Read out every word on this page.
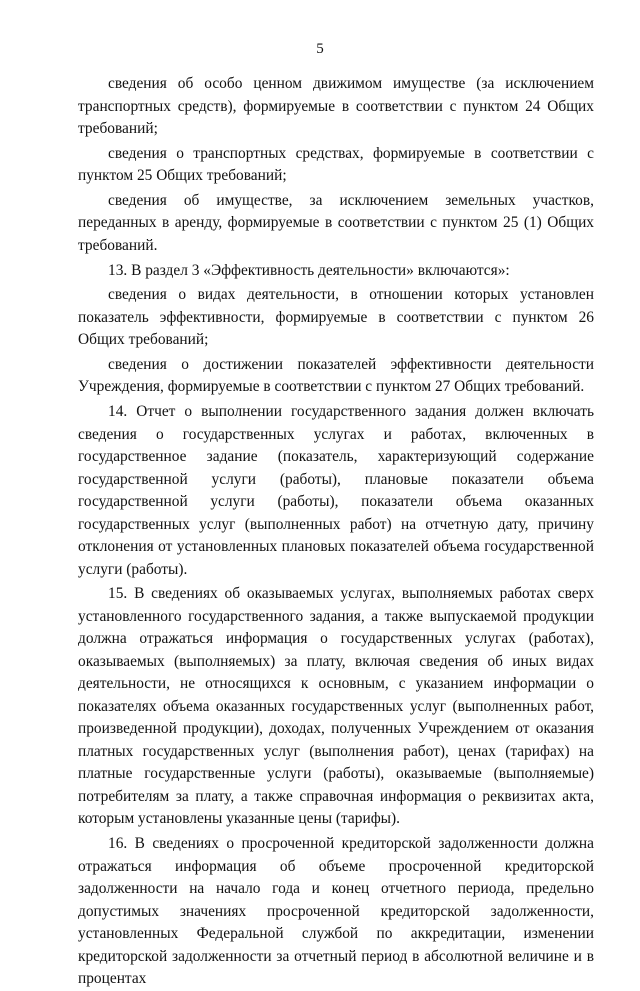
5

сведения об особо ценном движимом имуществе (за исключением транспортных средств), формируемые в соответствии с пунктом 24 Общих требований;

сведения о транспортных средствах, формируемые в соответствии с пунктом 25 Общих требований;

сведения об имуществе, за исключением земельных участков, переданных в аренду, формируемые в соответствии с пунктом 25 (1) Общих требований.

13. В раздел 3 «Эффективность деятельности» включаются»:

сведения о видах деятельности, в отношении которых установлен показатель эффективности, формируемые в соответствии с пунктом 26 Общих требований;

сведения о достижении показателей эффективности деятельности Учреждения, формируемые в соответствии с пунктом 27 Общих требований.

14. Отчет о выполнении государственного задания должен включать сведения о государственных услугах и работах, включенных в государственное задание (показатель, характеризующий содержание государственной услуги (работы), плановые показатели объема государственной услуги (работы), показатели объема оказанных государственных услуг (выполненных работ) на отчетную дату, причину отклонения от установленных плановых показателей объема государственной услуги (работы).

15. В сведениях об оказываемых услугах, выполняемых работах сверх установленного государственного задания, а также выпускаемой продукции должна отражаться информация о государственных услугах (работах), оказываемых (выполняемых) за плату, включая сведения об иных видах деятельности, не относящихся к основным, с указанием информации о показателях объема оказанных государственных услуг (выполненных работ, произведенной продукции), доходах, полученных Учреждением от оказания платных государственных услуг (выполнения работ), ценах (тарифах) на платные государственные услуги (работы), оказываемые (выполняемые) потребителям за плату, а также справочная информация о реквизитах акта, которым установлены указанные цены (тарифы).

16. В сведениях о просроченной кредиторской задолженности должна отражаться информация об объеме просроченной кредиторской задолженности на начало года и конец отчетного периода, предельно допустимых значениях просроченной кредиторской задолженности, установленных Федеральной службой по аккредитации, изменении кредиторской задолженности за отчетный период в абсолютной величине и в процентах
